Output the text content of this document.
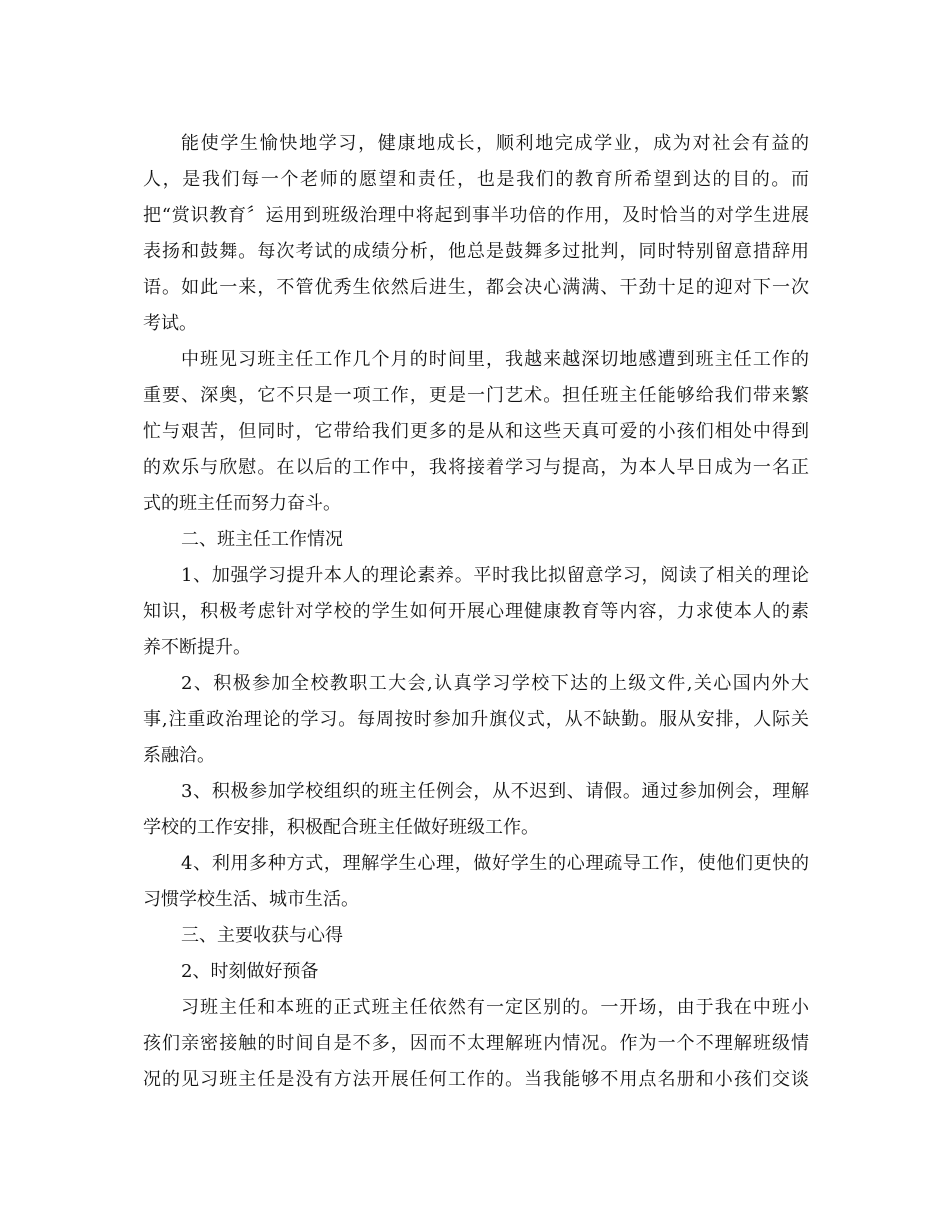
能使学生愉快地学习，健康地成长，顺利地完成学业，成为对社会有益的
人，是我们每一个老师的愿望和责任，也是我们的教育所希望到达的目的。而
把“赏识教育〞运用到班级治理中将起到事半功倍的作用，及时恰当的对学生进展
表扬和鼓舞。每次考试的成绩分析，他总是鼓舞多过批判，同时特别留意措辞用
语。如此一来，不管优秀生依然后进生，都会决心满满、干劲十足的迎对下一次
考试。
中班见习班主任工作几个月的时间里，我越来越深切地感遭到班主任工作的
重要、深奥，它不只是一项工作，更是一门艺术。担任班主任能够给我们带来繁
忙与艰苦，但同时，它带给我们更多的是从和这些天真可爱的小孩们相处中得到
的欢乐与欣慰。在以后的工作中，我将接着学习与提高，为本人早日成为一名正
式的班主任而努力奋斗。
二、班主任工作情况
1、加强学习提升本人的理论素养。平时我比拟留意学习，阅读了相关的理论
知识，积极考虑针对学校的学生如何开展心理健康教育等内容，力求使本人的素
养不断提升。
2、积极参加全校教职工大会,认真学习学校下达的上级文件,关心国内外大
事,注重政治理论的学习。每周按时参加升旗仪式，从不缺勤。服从安排，人际关
系融洽。
3、积极参加学校组织的班主任例会，从不迟到、请假。通过参加例会，理解
学校的工作安排，积极配合班主任做好班级工作。
4、利用多种方式，理解学生心理，做好学生的心理疏导工作，使他们更快的
习惯学校生活、城市生活。
三、主要收获与心得
2、时刻做好预备
习班主任和本班的正式班主任依然有一定区别的。一开场，由于我在中班小
孩们亲密接触的时间自是不多，因而不太理解班内情况。作为一个不理解班级情
况的见习班主任是没有方法开展任何工作的。当我能够不用点名册和小孩们交谈
